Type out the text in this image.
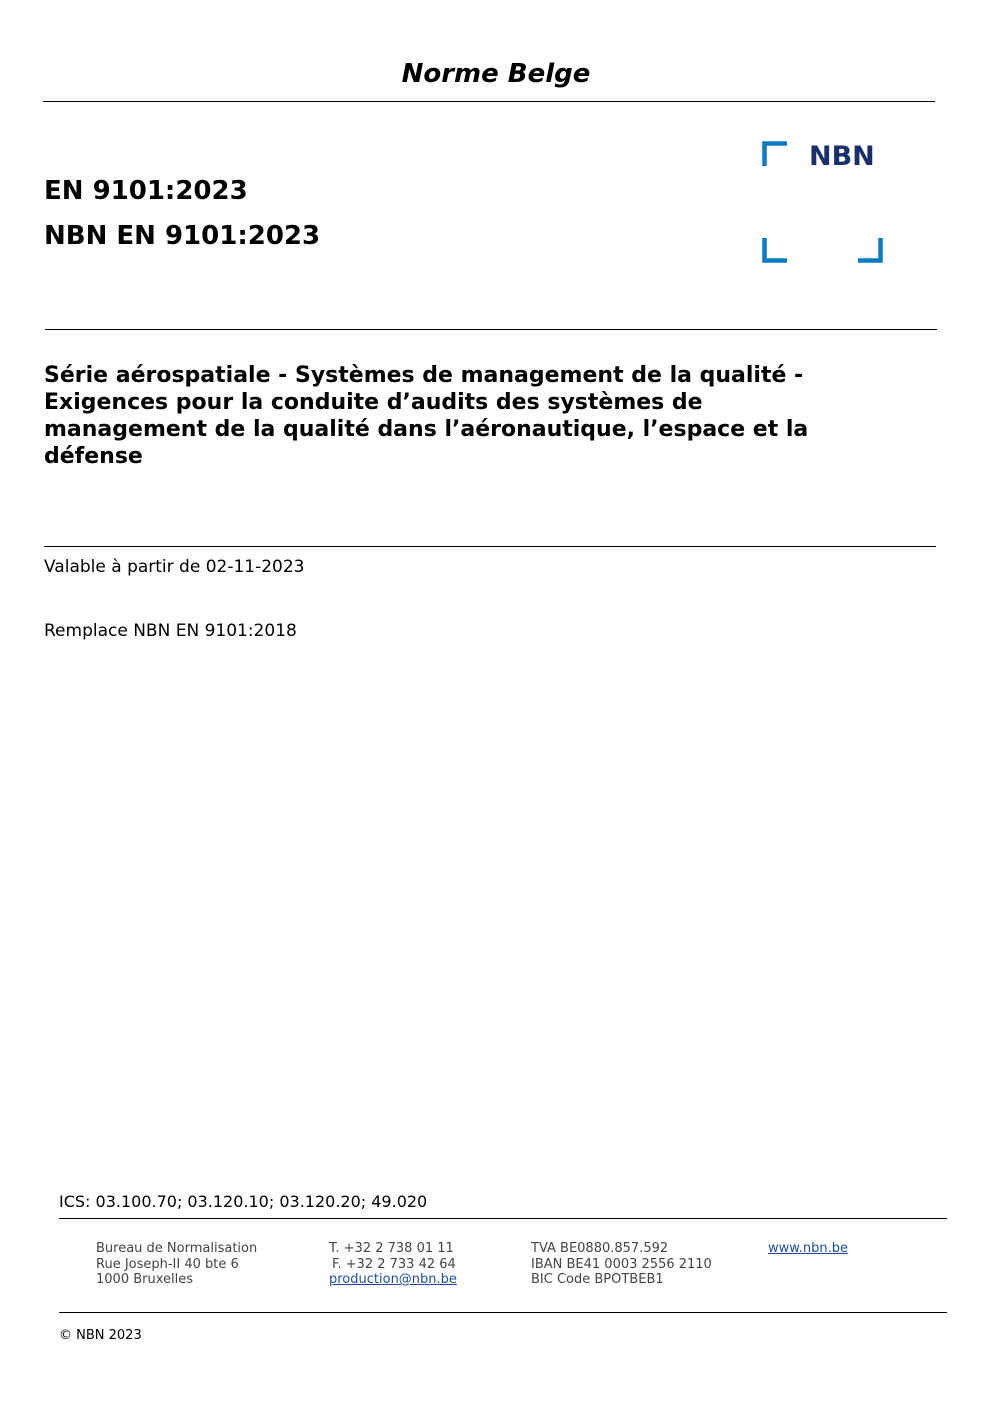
Norme Belge
EN 9101:2023
NBN EN 9101:2023
NBN
Série aérospatiale - Systèmes de management de la qualité -
Exigences pour la conduite d’audits des systèmes de
management de la qualité dans l’aéronautique, l’espace et la
défense
Valable à partir de 02-11-2023
Remplace NBN EN 9101:2018
ICS: 03.100.70; 03.120.10; 03.120.20; 49.020
Bureau de Normalisation
Rue Joseph-II 40 bte 6
1000 Bruxelles
T. +32 2 738 01 11
F. +32 2 733 42 64
production@nbn.be
TVA BE0880.857.592
IBAN BE41 0003 2556 2110
BIC Code BPOTBEB1
www.nbn.be
© NBN 2023
